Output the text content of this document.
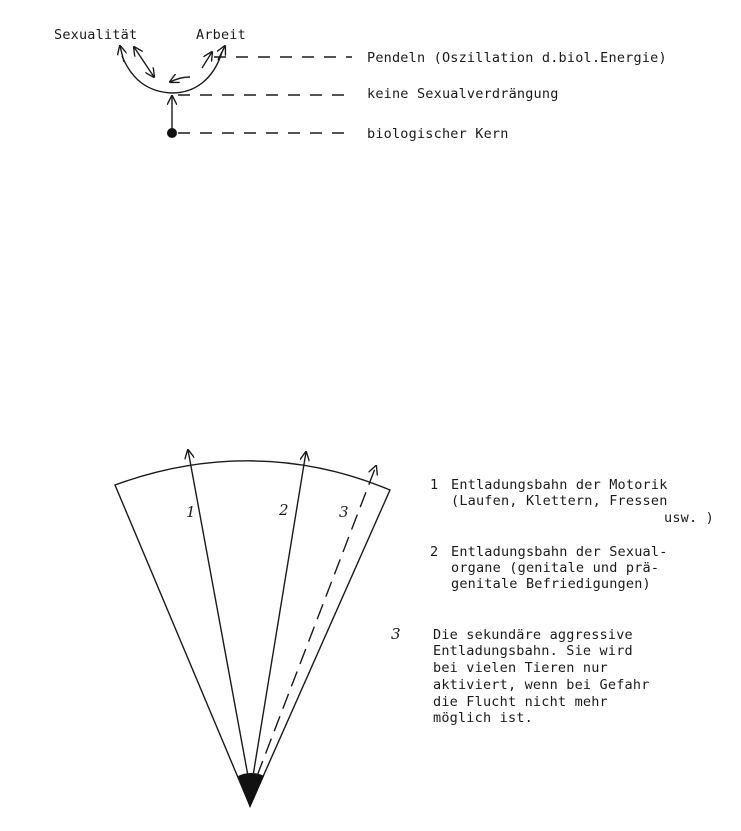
1	2	3
Sexualität	Arbeit
Pendeln (Oszillation d.biol.Energie)
keine Sexualverdrängung
biologischer Kern
1 Entladungsbahn der Motorik
(Laufen, Klettern, Fressen
usw. )
2 Entladungsbahn der Sexual-
organe (genitale und prä-
genitale Befriedigungen)
3 Die sekundäre aggressive
Entladungsbahn. Sie wird
bei vielen Tieren nur
aktiviert, wenn bei Gefahr
die Flucht nicht mehr
möglich ist.
